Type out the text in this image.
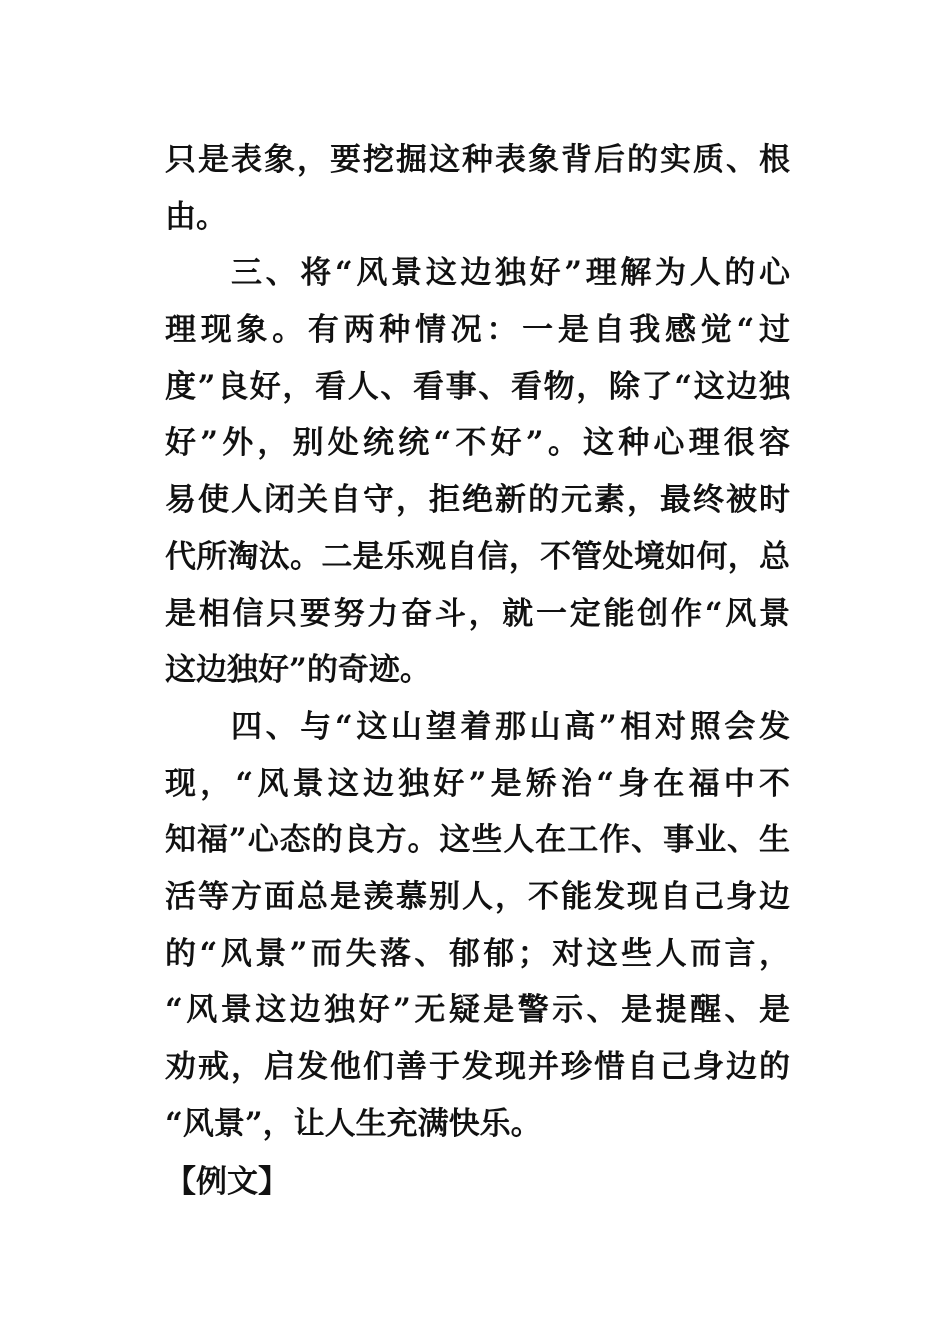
只是表象，要挖掘这种表象背后的实质、根
由。
三、将“风景这边独好”理解为人的心
理现象。有两种情况：一是自我感觉“过
度”良好，看人、看事、看物，除了“这边独
好”外，别处统统“不好”。这种心理很容
易使人闭关自守，拒绝新的元素，最终被时
代所淘汰。二是乐观自信，不管处境如何，总
是相信只要努力奋斗，就一定能创作“风景
这边独好”的奇迹。
四、与“这山望着那山高”相对照会发
现，“风景这边独好”是矫治“身在福中不
知福”心态的良方。这些人在工作、事业、生
活等方面总是羡慕别人，不能发现自己身边
的“风景”而失落、郁郁；对这些人而言，
“风景这边独好”无疑是警示、是提醒、是
劝戒，启发他们善于发现并珍惜自己身边的
“风景”，让人生充满快乐。
【例文】
